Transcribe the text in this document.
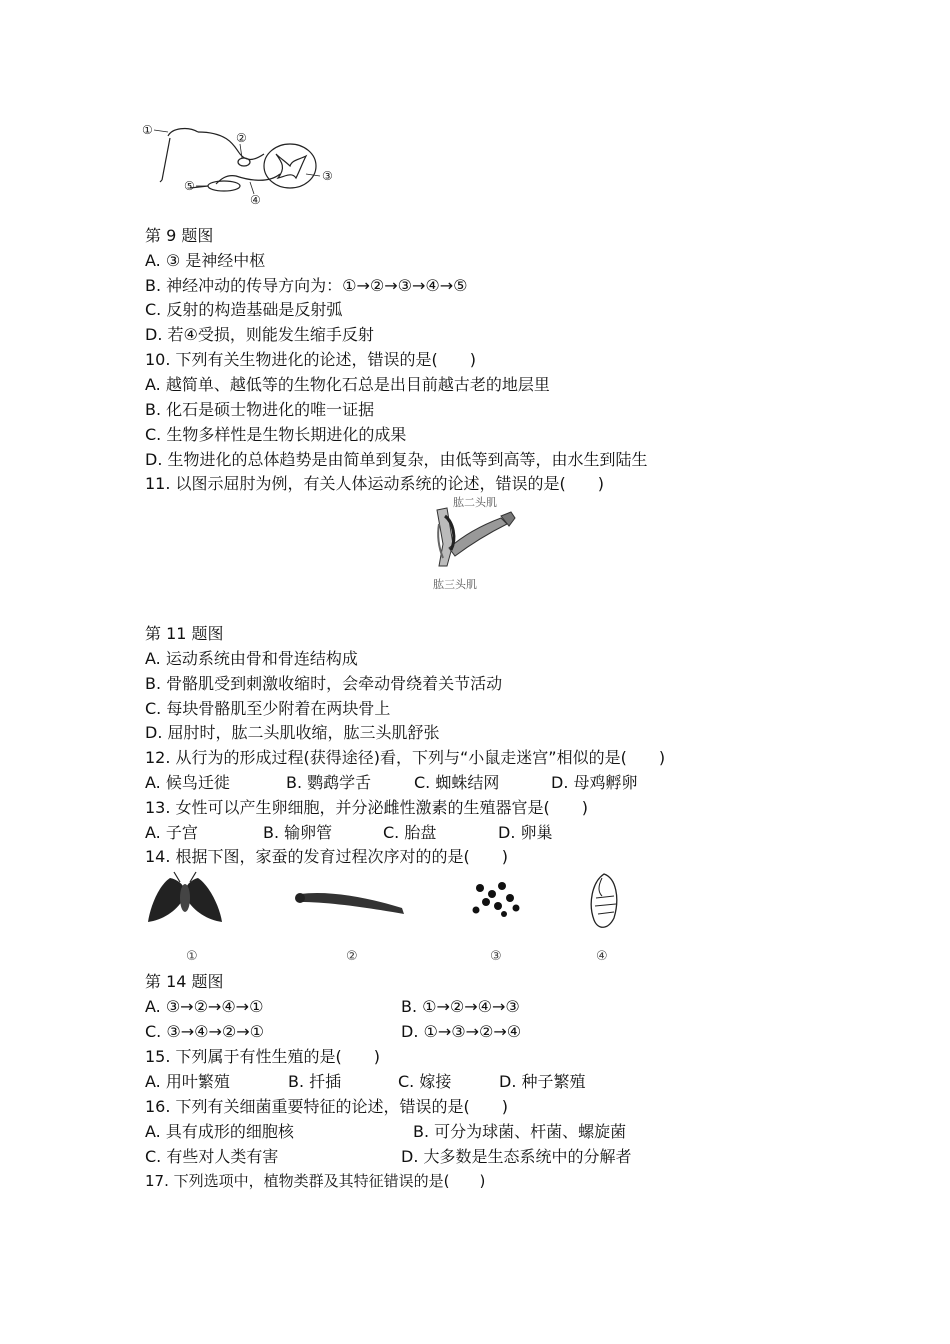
①
②
③
④
⑤
第 9 题图
A. ③ 是神经中枢
B. 神经冲动的传导方向为：①→②→③→④→⑤
C. 反射的构造基础是反射弧
D. 若④受损，则能发生缩手反射
10. 下列有关生物进化的论述，错误的是(　　)
A. 越简单、越低等的生物化石总是出目前越古老的地层里
B. 化石是硕士物进化的唯一证据
C. 生物多样性是生物长期进化的成果
D. 生物进化的总体趋势是由简单到复杂，由低等到高等，由水生到陆生
11. 以图示屈肘为例，有关人体运动系统的论述，错误的是(　　)
肱二头肌
肱三头肌
第 11 题图
A. 运动系统由骨和骨连结构成
B. 骨骼肌受到刺激收缩时，会牵动骨绕着关节活动
C. 每块骨骼肌至少附着在两块骨上
D. 屈肘时，肱二头肌收缩，肱三头肌舒张
12. 从行为的形成过程(获得途径)看，下列与“小鼠走迷宫”相似的是(　　)
A. 候鸟迁徙	B. 鹦鹉学舌	C. 蜘蛛结网	D. 母鸡孵卵
13. 女性可以产生卵细胞，并分泌雌性激素的生殖器官是(　　)
A. 子宫	B. 输卵管	C. 胎盘	D. 卵巢
14. 根据下图，家蚕的发育过程次序对的的是(　　)
①	②	③	④
第 14 题图
A. ③→②→④→①	B. ①→②→④→③
C. ③→④→②→①	D. ①→③→②→④
15. 下列属于有性生殖的是(　　)
A. 用叶繁殖	B. 扦插	C. 嫁接	D. 种子繁殖
16. 下列有关细菌重要特征的论述，错误的是(　　)
A. 具有成形的细胞核	B. 可分为球菌、杆菌、螺旋菌
C. 有些对人类有害	D. 大多数是生态系统中的分解者
17. 下列选项中，植物类群及其特征错误的是(　　)
